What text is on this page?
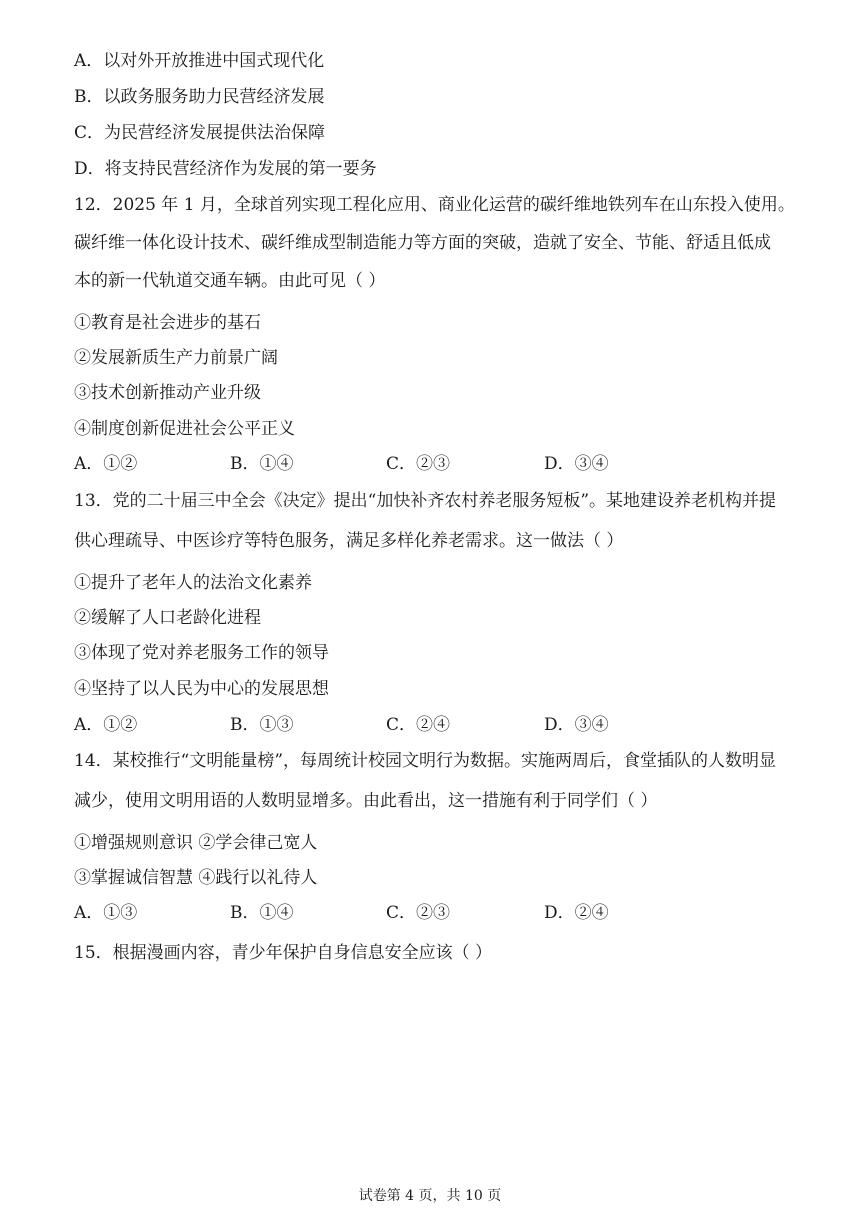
A．以对外开放推进中国式现代化
B．以政务服务助力民营经济发展
C．为民营经济发展提供法治保障
D．将支持民营经济作为发展的第一要务
12．2025 年 1 月，全球首列实现工程化应用、商业化运营的碳纤维地铁列车在山东投入使用。
碳纤维一体化设计技术、碳纤维成型制造能力等方面的突破，造就了安全、节能、舒适且低成
本的新一代轨道交通车辆。由此可见（ ）
①教育是社会进步的基石
②发展新质生产力前景广阔
③技术创新推动产业升级
④制度创新促进社会公平正义
A．①②	B．①④	C．②③	D．③④
13．党的二十届三中全会《决定》提出“加快补齐农村养老服务短板”。某地建设养老机构并提
供心理疏导、中医诊疗等特色服务，满足多样化养老需求。这一做法（ ）
①提升了老年人的法治文化素养
②缓解了人口老龄化进程
③体现了党对养老服务工作的领导
④坚持了以人民为中心的发展思想
A．①②	B．①③	C．②④	D．③④
14．某校推行“文明能量榜”，每周统计校园文明行为数据。实施两周后，食堂插队的人数明显
减少，使用文明用语的人数明显增多。由此看出，这一措施有利于同学们（ ）
①增强规则意识 ②学会律己宽人
③掌握诚信智慧 ④践行以礼待人
A．①③	B．①④	C．②③	D．②④
15．根据漫画内容，青少年保护自身信息安全应该（ ）
试卷第 4 页，共 10 页
